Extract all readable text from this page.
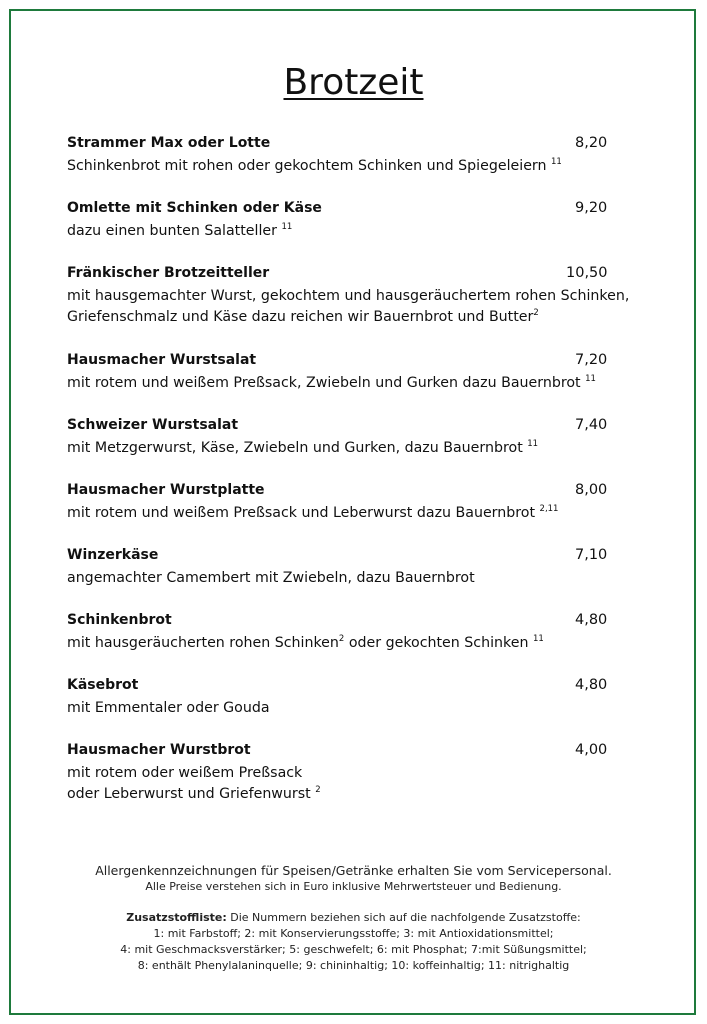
Brotzeit
Strammer Max oder Lotte	8,20
Schinkenbrot mit rohen oder gekochtem Schinken und Spiegeleiern $^{11}$
Omlette mit Schinken oder Käse	9,20
dazu einen bunten Salatteller $^{11}$
Fränkischer Brotzeitteller	10,50
mit hausgemachter Wurst, gekochtem und hausgeräuchertem rohen Schinken,
Griefenschmalz und Käse dazu reichen wir Bauernbrot und Butter$^2$
Hausmacher Wurstsalat	7,20
mit rotem und weißem Preßsack, Zwiebeln und Gurken dazu Bauernbrot $^{11}$
Schweizer Wurstsalat	7,40
mit Metzgerwurst, Käse, Zwiebeln und Gurken, dazu Bauernbrot $^{11}$
Hausmacher Wurstplatte	8,00
mit rotem und weißem Preßsack und Leberwurst dazu Bauernbrot $^{2,11}$
Winzerkäse	7,10
angemachter Camembert mit Zwiebeln, dazu Bauernbrot
Schinkenbrot	4,80
mit hausgeräucherten rohen Schinken$^2$ oder gekochten Schinken $^{11}$
Käsebrot	4,80
mit Emmentaler oder Gouda
Hausmacher Wurstbrot	4,00
mit rotem oder weißem Preßsack
oder Leberwurst und Griefenwurst $^2$
Allergenkennzeichnungen für Speisen/Getränke erhalten Sie vom Servicepersonal.
Alle Preise verstehen sich in Euro inklusive Mehrwertsteuer und Bedienung.
Zusatzstoffliste: Die Nummern beziehen sich auf die nachfolgende Zusatzstoffe:
1: mit Farbstoff; 2: mit Konservierungsstoffe; 3: mit Antioxidationsmittel;
4: mit Geschmacksverstärker; 5: geschwefelt; 6: mit Phosphat; 7:mit Süßungsmittel;
8: enthält Phenylalaninquelle; 9: chininhaltig; 10: koffeinhaltig; 11: nitrighaltig
